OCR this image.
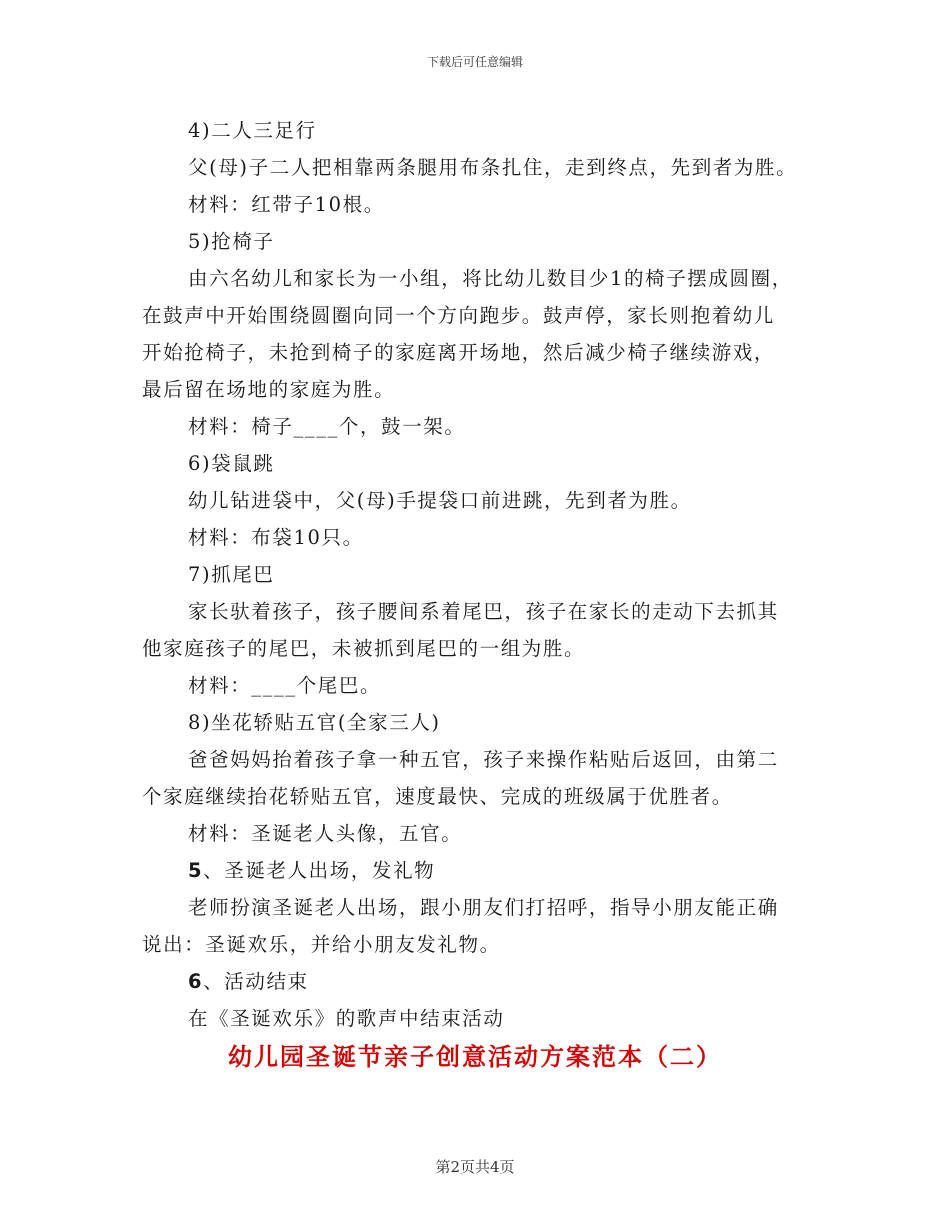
下载后可任意编辑
4)二人三足行
父(母)子二人把相靠两条腿用布条扎住，走到终点，先到者为胜。
材料：红带子10根。
5)抢椅子
由六名幼儿和家长为一小组，将比幼儿数目少1的椅子摆成圆圈，
在鼓声中开始围绕圆圈向同一个方向跑步。鼓声停，家长则抱着幼儿
开始抢椅子，未抢到椅子的家庭离开场地，然后减少椅子继续游戏，
最后留在场地的家庭为胜。
材料：椅子____个，鼓一架。
6)袋鼠跳
幼儿钻进袋中，父(母)手提袋口前进跳，先到者为胜。
材料：布袋10只。
7)抓尾巴
家长驮着孩子，孩子腰间系着尾巴，孩子在家长的走动下去抓其
他家庭孩子的尾巴，未被抓到尾巴的一组为胜。
材料：____个尾巴。
8)坐花轿贴五官(全家三人)
爸爸妈妈抬着孩子拿一种五官，孩子来操作粘贴后返回，由第二
个家庭继续抬花轿贴五官，速度最快、完成的班级属于优胜者。
材料：圣诞老人头像，五官。
5、圣诞老人出场，发礼物
老师扮演圣诞老人出场，跟小朋友们打招呼，指导小朋友能正确
说出：圣诞欢乐，并给小朋友发礼物。
6、活动结束
在《圣诞欢乐》的歌声中结束活动
幼儿园圣诞节亲子创意活动方案范本（二）
第2页共4页
